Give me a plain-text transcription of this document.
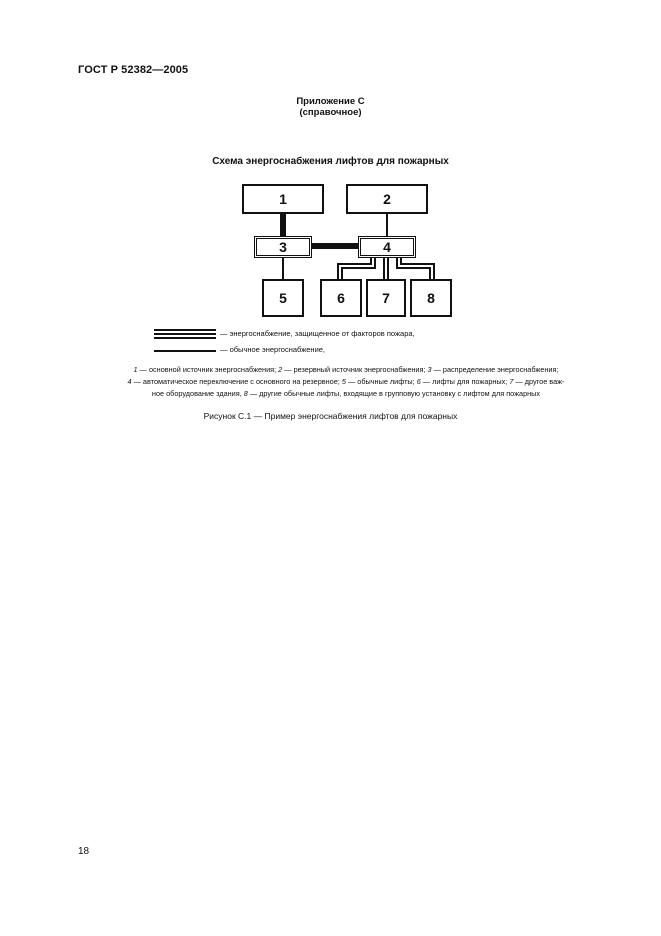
ГОСТ Р 52382—2005
Приложение С
(справочное)
Схема энергоснабжения лифтов для пожарных
1	2
3	4
5	6	7	8
— энергоснабжение, защищенное от факторов пожара,
— обычное энергоснабжение,
1 — основной источник энергоснабжения; 2 — резервный источник энергоснабжения; 3 — распределение энергоснабжения;
4 — автоматическое переключение с основного на резервное; 5 — обычные лифты; 6 — лифты для пожарных; 7 — другое важ-
ное оборудование здания, 8 — другие обычные лифты, входящие в групповую установку с лифтом для пожарных
Рисунок С.1 — Пример энергоснабжения лифтов для пожарных
18
